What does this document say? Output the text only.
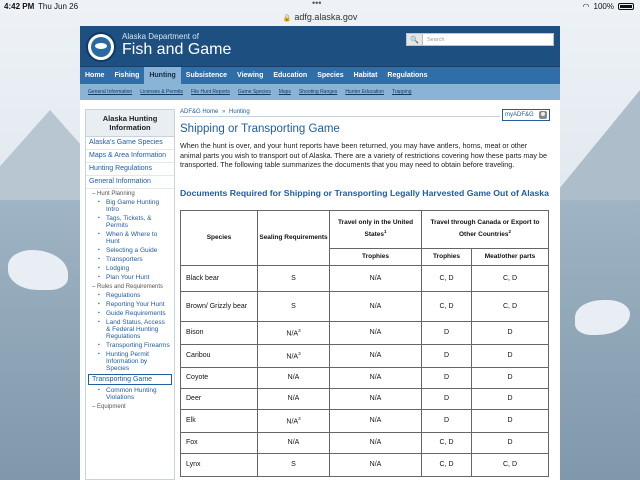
4:42 PM Thu Jun 26	•••	◠ 100%
🔒 adfg.alaska.gov
Alaska Department of
Fish and Game
🔍	Search
Home	Fishing	Hunting	Subsistence	Viewing	Education	Species	Habitat	Regulations
General Information	Licenses & Permits	File Hunt Reports	Game Species	Maps	Shooting Ranges	Hunter Education	Trapping
Alaska Hunting Information
Alaska's Game Species
Maps & Area Information
Hunting Regulations
General Information
– Hunt Planning
▪ Big Game Hunting Intro
▪ Tags, Tickets, & Permits
▪ When & Where to Hunt
▪ Selecting a Guide
▪ Transporters
▪ Lodging
▪ Plan Your Hunt
– Rules and Requirements
▪ Regulations
▪ Reporting Your Hunt
▪ Guide Requirements
▪ Land Status, Access & Federal Hunting Regulations
▪ Transporting Firearms
▪ Hunting Permit Information by Species
Transporting Game
▪ Common Hunting Violations
– Equipment
ADF&G Home » Hunting	myADF&G
Shipping or Transporting Game

When the hunt is over, and your hunt reports have been returned, you may have antlers, horns, meat or other animal parts you wish to transport out of Alaska. There are a variety of restrictions covering how these parts may be transported. The following table summarizes the documents that you may need to obtain before traveling.

Documents Required for Shipping or Transporting Legally Harvested Game Out of Alaska
Species	Sealing Requirements	Travel only in the United States$^1$	Travel through Canada or Export to Other Countries$^2$
		Trophies	Trophies	Meat/other parts
Black bear	S	N/A	C, D	C, D
Brown/ Grizzly bear	S	N/A	C, D	C, D
Bison	$N/A^3$	N/A	D	D
Caribou	$N/A^3$	N/A	D	D
Coyote	N/A	N/A	D	D
Deer	N/A	N/A	D	D
Elk	$N/A^3$	N/A	D	D
Fox	N/A	N/A	C, D	D
Lynx	S	N/A	C, D	C, D
